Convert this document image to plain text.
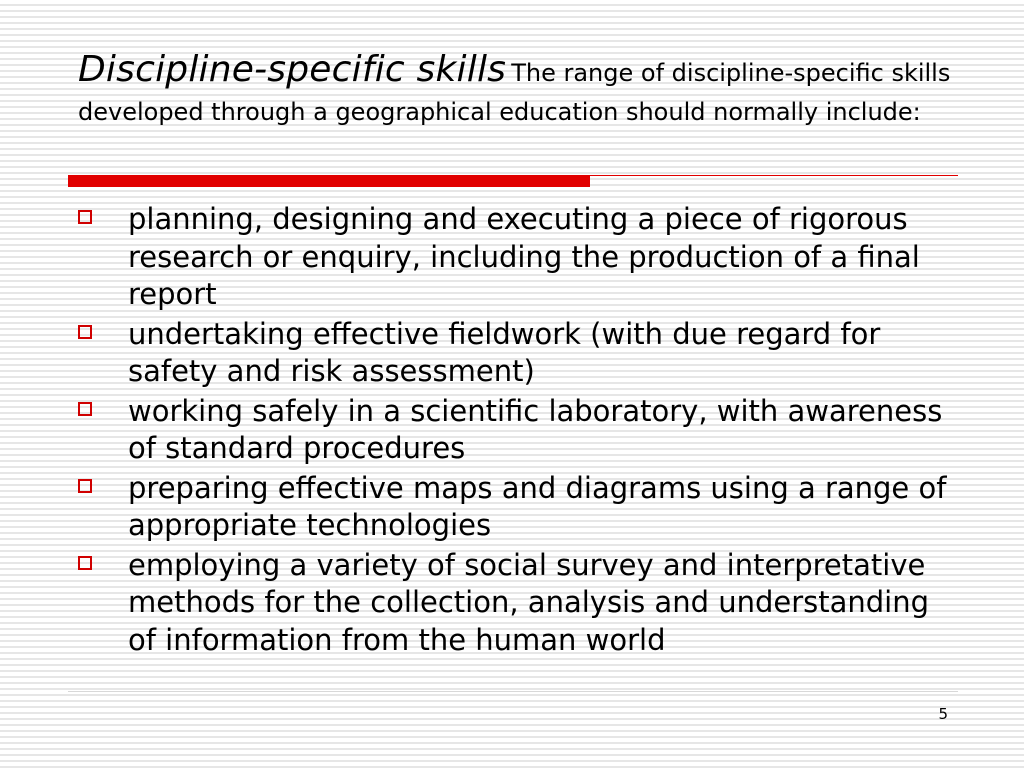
Discipline-specific skills The range of discipline-specific skills developed through a geographical education should normally include:
planning, designing and executing a piece of rigorous research or enquiry, including the production of a final report
undertaking effective fieldwork (with due regard for safety and risk assessment)
working safely in a scientific laboratory, with awareness of standard procedures
preparing effective maps and diagrams using a range of appropriate technologies
employing a variety of social survey and interpretative methods for the collection, analysis and understanding of information from the human world
5
